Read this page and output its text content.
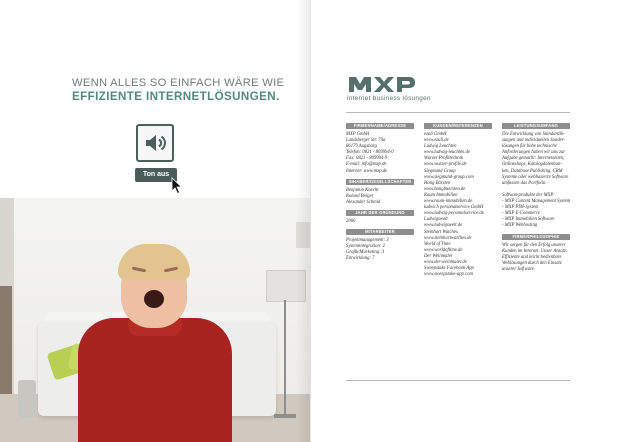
WENN ALLES SO EINFACH WÄRE WIE
EFFIZIENTE INTERNETLÖSUNGEN.
Ton aus
internet business lösungen
FIRMENNAME/ADRESSE
MXP GmbH
Landsberger Str. 79a
86179 Augsburg
Telefon: 0821 - 809994-0
Fax: 0821 - 809994-9
E-mail: info@mxp.de
Internet: www.mxp.de
INHABER/GESELLSCHAFTER
Benjamin Knecht
Roland Berger
Alexander Schmid
JAHR DER GRÜNDUNG
2000
MITARBEITER
Projektmanagement: 3
Systemintegration: 2
Grafik/Marketing: 3
Entwicklung: 7
KUNDEN/REFERENZEN
ezuli GmbH
www.ezuli.de
Ludwig Leuchten
www.ludwig-leuchten.de
Wurzer Profiltechnik
www.wurzer-profile.de
Siegmund Group
www.siegmund-group.com
Hang Börsten
www.hangbuersten.de
Raum Immobilien
www.raum-immobilien.de
ludwich personalservice GmbH
www.ludwig-personalservice.de
Ludwigswelt
www.ludwigswelt.de
Steinhart Watches
www.steinhartwatches.de
World of Time
www.worldoftime.de
Der Weinmaler
www.der-weinmaler.de
Sweepstake Facebook App
www.sweepstake-app.com
LEISTUNGSUMFANG
Die Entwicklung von Standardlö-
sungen und individuellen Sonder-
lösungen für hohe technische
Anforderungen haben wir uns zur
Aufgabe gemacht: Internetseiten,
Onlineshops, Katalogdatenban-
ken, Database Publishing, CRM
Systeme oder webbasierte Software
umfassen das Portfolio.
Softwareprodukte der MXP:
- MXP Content Management System
- MXP PIM-System
- MXP E-Commerce
- MXP Immobilien Software
- MXP Webhosting
FIRMENPHILOSOPHIE
Wir sorgen für den Erfolg unserer
Kunden im Internet. Unser Ansatz:
Effiziente und leicht bedienbare
Weblösungen durch den Einsatz
unserer Software.
